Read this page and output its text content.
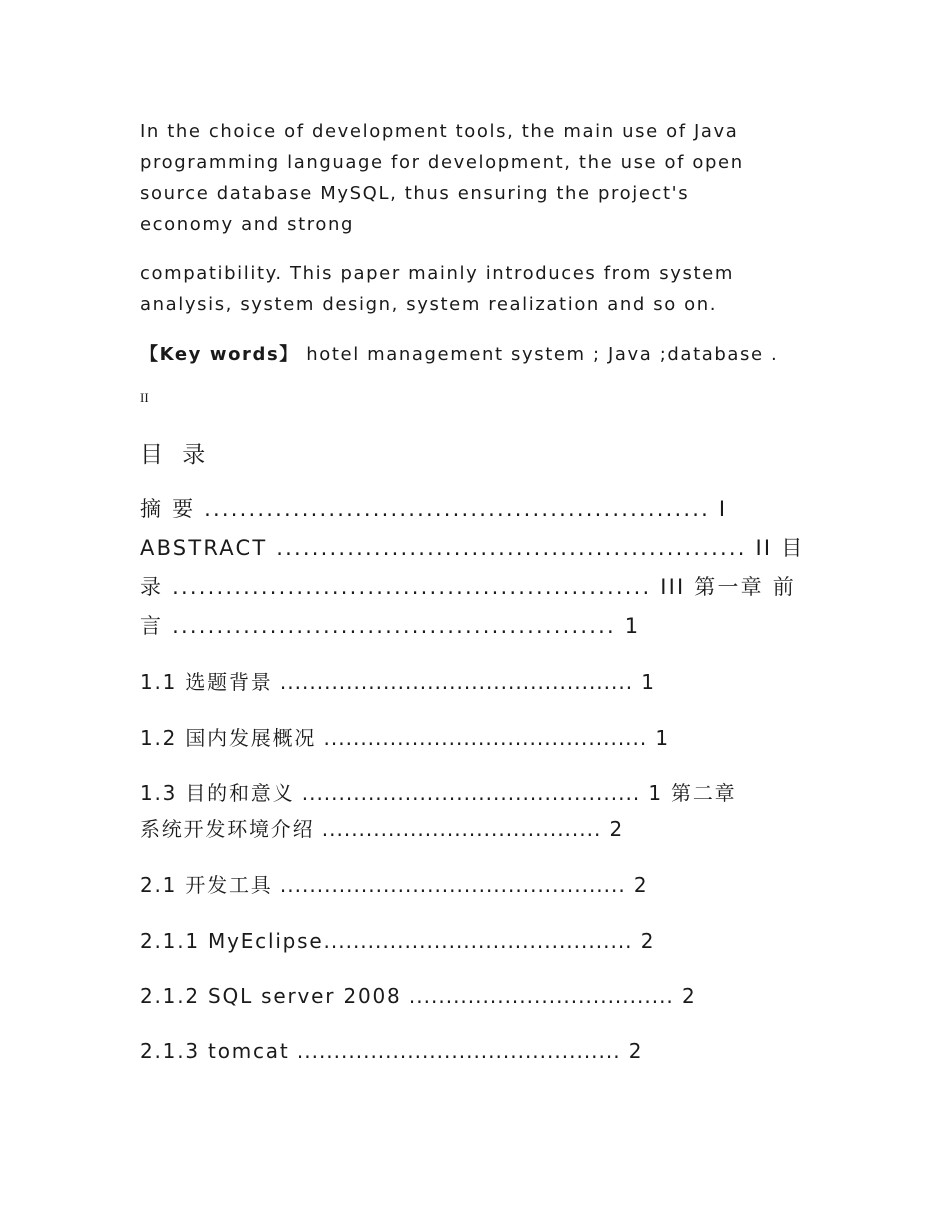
In the choice of development tools, the main use of Java
programming language for development, the use of open
source database MySQL, thus ensuring the project's
economy and strong

compatibility. This paper mainly introduces from system
analysis, system design, system realization and so on.

【Key words】 hotel management system ; Java ;database .

II
目 录
摘 要 ......................................................... I
ABSTRACT ..................................................... II 目
录 ...................................................... III 第一章 前
言 .................................................. 1
1.1 选题背景 ................................................ 1
1.2 国内发展概况 ............................................ 1
1.3 目的和意义 .............................................. 1 第二章
系统开发环境介绍 ...................................... 2
2.1 开发工具 ............................................... 2
2.1.1 MyEclipse.......................................... 2
2.1.2 SQL server 2008 .................................... 2
2.1.3 tomcat ............................................ 2
